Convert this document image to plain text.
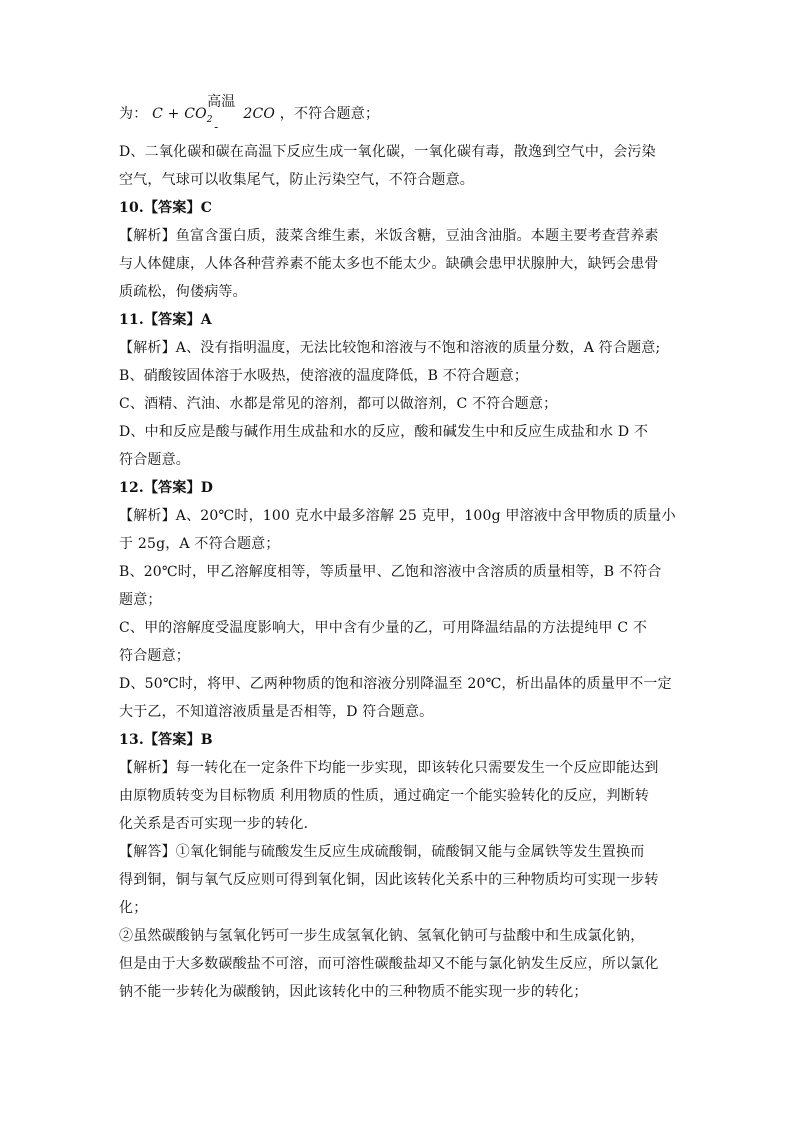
为： $C + CO_2$
高温
-
2CO ，不符合题意；
D、二氧化碳和碳在高温下反应生成一氧化碳，一氧化碳有毒，散逸到空气中，会污染
空气，气球可以收集尾气，防止污染空气，不符合题意。
10.【答案】C
【解析】鱼富含蛋白质，菠菜含维生素，米饭含糖，豆油含油脂。本题主要考查营养素
与人体健康，人体各种营养素不能太多也不能太少。缺碘会患甲状腺肿大，缺钙会患骨
质疏松，佝偻病等。
11.【答案】A
【解析】A、没有指明温度，无法比较饱和溶液与不饱和溶液的质量分数，A 符合题意;
B、硝酸铵固体溶于水吸热，使溶液的温度降低，B 不符合题意；
C、酒精、汽油、水都是常见的溶剂，都可以做溶剂，C 不符合题意；
D、中和反应是酸与碱作用生成盐和水的反应，酸和碱发生中和反应生成盐和水 D 不
符合题意。
12.【答案】D
【解析】A、20℃时，100 克水中最多溶解 25 克甲，100g 甲溶液中含甲物质的质量小
于 25g，A 不符合题意；
B、20℃时，甲乙溶解度相等，等质量甲、乙饱和溶液中含溶质的质量相等，B 不符合
题意；
C、甲的溶解度受温度影响大，甲中含有少量的乙，可用降温结晶的方法提纯甲 C 不
符合题意；
D、50℃时，将甲、乙两种物质的饱和溶液分别降温至 20℃，析出晶体的质量甲不一定
大于乙，不知道溶液质量是否相等，D 符合题意。
13.【答案】B
【解析】每一转化在一定条件下均能一步实现，即该转化只需要发生一个反应即能达到
由原物质转变为目标物质 利用物质的性质，通过确定一个能实验转化的反应，判断转
化关系是否可实现一步的转化．
【解答】①氧化铜能与硫酸发生反应生成硫酸铜，硫酸铜又能与金属铁等发生置换而
得到铜，铜与氧气反应则可得到氧化铜，因此该转化关系中的三种物质均可实现一步转
化；
②虽然碳酸钠与氢氧化钙可一步生成氢氧化钠、氢氧化钠可与盐酸中和生成氯化钠，
但是由于大多数碳酸盐不可溶，而可溶性碳酸盐却又不能与氯化钠发生反应，所以氯化
钠不能一步转化为碳酸钠，因此该转化中的三种物质不能实现一步的转化；
